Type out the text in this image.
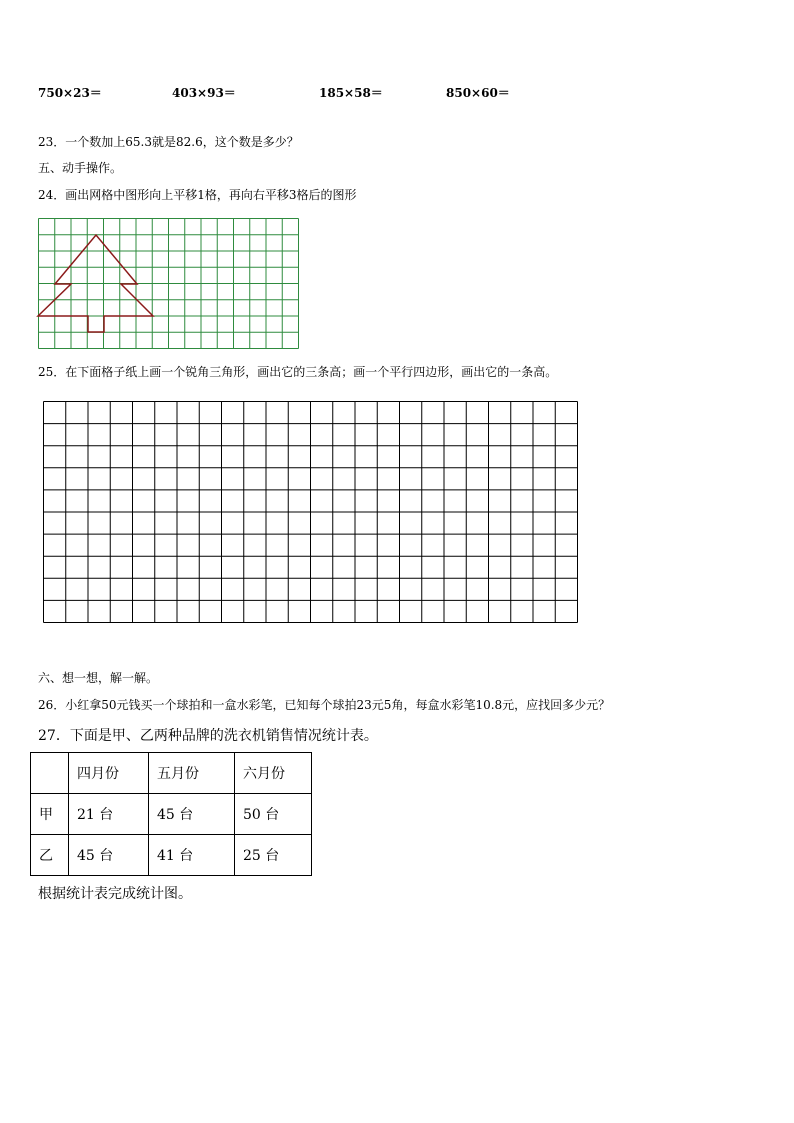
750×23＝	403×93＝	185×58＝	850×60＝
23．一个数加上65.3就是82.6，这个数是多少？
五、动手操作。
24．画出网格中图形向上平移1格，再向右平移3格后的图形
25．在下面格子纸上画一个锐角三角形，画出它的三条高；画一个平行四边形，画出它的一条高。
六、想一想，解一解。
26．小红拿50元钱买一个球拍和一盒水彩笔，已知每个球拍23元5角，每盒水彩笔10.8元，应找回多少元？
27．下面是甲、乙两种品牌的洗衣机销售情况统计表。
	四月份	五月份	六月份
甲	21 台	45 台	50 台
乙	45 台	41 台	25 台
根据统计表完成统计图。
